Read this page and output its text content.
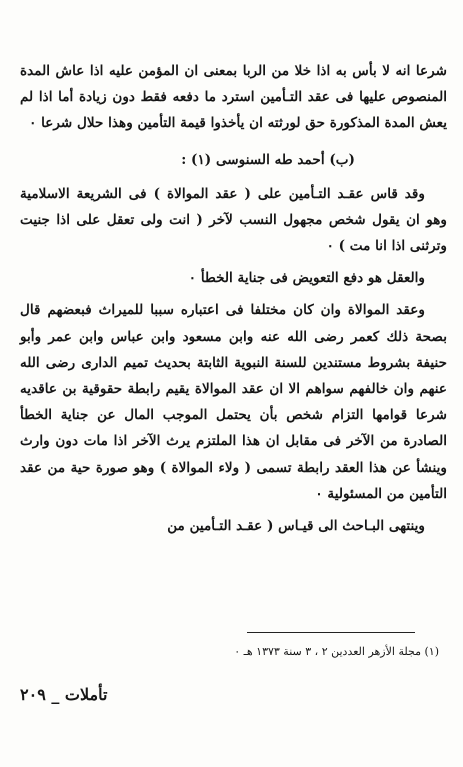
شرعا انه لا بأس به اذا خلا من الربا بمعنى ان المؤمن عليه اذا عاش المدة المنصوص عليها فى عقد التـأمين استرد ما دفعه فقط دون زيادة أما اذا لم يعش المدة المذكورة حق لورثته ان يأخذوا قيمة التأمين وهذا حلال شرعا ٠

(ب) أحمد طه السنوسى (١) :

وقد قاس عقـد التـأمين على ( عقد الموالاة ) فى الشريعة الاسلامية وهو ان يقول شخص مجهول النسب لآخر ( انت ولى تعقل على اذا جنيت وترثنى اذا انا مت ) ٠

والعقل هو دفع التعويض فى جناية الخطأ ٠

وعقد الموالاة وان كان مختلفا فى اعتباره سببا للميراث فبعضهم قال بصحة ذلك كعمر رضى الله عنه وابن مسعود وابن عباس وابن عمر وأبو حنيفة بشروط مستندين للسنة النبوية الثابتة بحديث تميم الدارى رضى الله عنهم وان خالفهم سواهم الا ان عقد الموالاة يقيم رابطة حقوقية بن عاقديه شرعا قوامها التزام شخص بأن يحتمل الموجب المال عن جناية الخطأ الصادرة من الآخر فى مقابل ان هذا الملتزم يرث الآخر اذا مات دون وارث وينشأ عن هذا العقد رابطة تسمى ( ولاء الموالاة ) وهو صورة حية من عقد التأمين من المسئولية ٠

وينتهى البـاحث الى قيـاس ( عقـد التـأمين من

(١) مجلة الأزهر العددين ٢ ، ٣ سنة ١٣٧٣ هـ ٠
تأملات _ ٢٠٩
